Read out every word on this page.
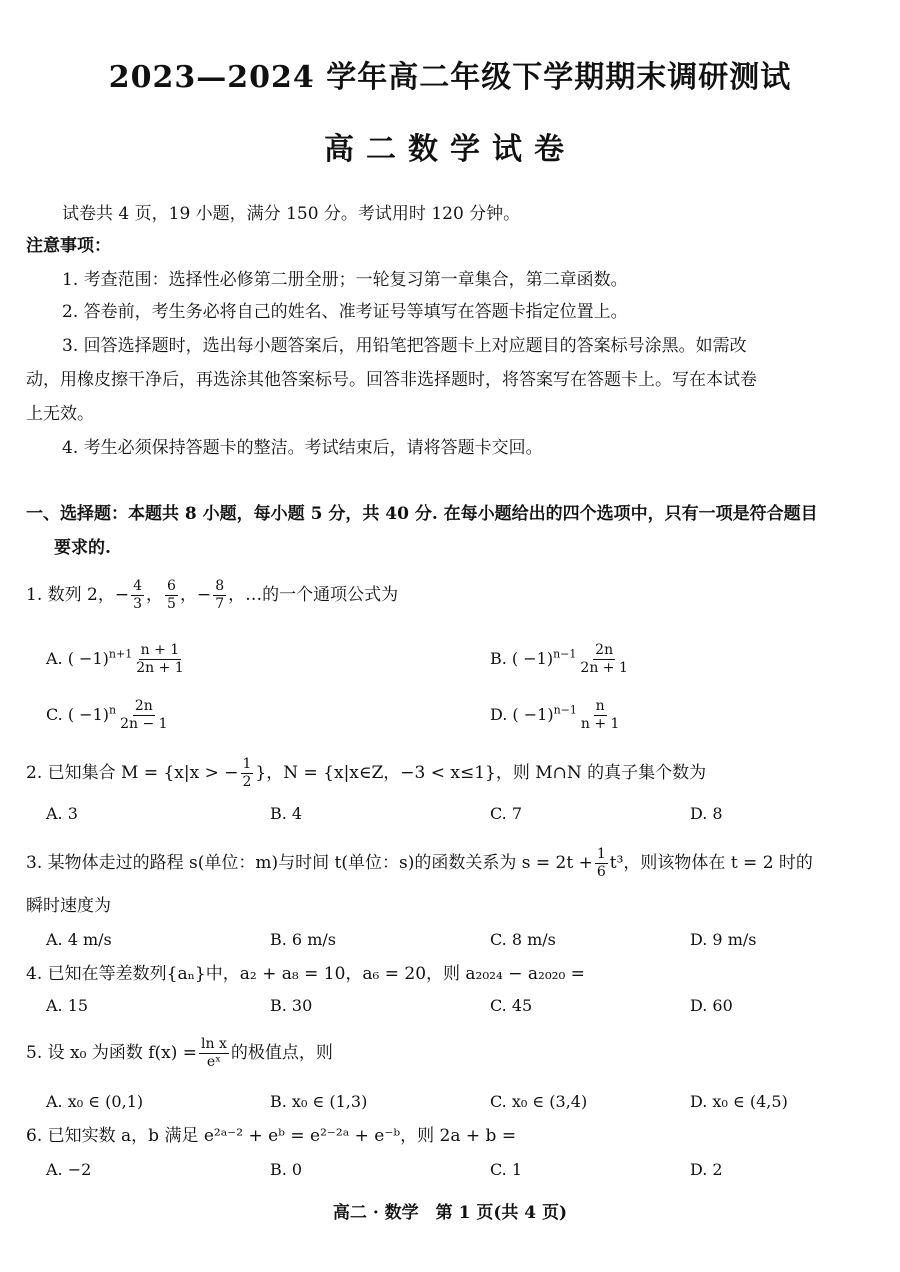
2023—2024 学年高二年级下学期期末调研测试
高二数学试卷
试卷共 4 页，19 小题，满分 150 分。考试用时 120 分钟。
注意事项：
1. 考查范围：选择性必修第二册全册；一轮复习第一章集合，第二章函数。
2. 答卷前，考生务必将自己的姓名、准考证号等填写在答题卡指定位置上。
3. 回答选择题时，选出每小题答案后，用铅笔把答题卡上对应题目的答案标号涂黑。如需改
动，用橡皮擦干净后，再选涂其他答案标号。回答非选择题时，将答案写在答题卡上。写在本试卷
上无效。
4. 考生必须保持答题卡的整洁。考试结束后，请将答题卡交回。
一、选择题：本题共 8 小题，每小题 5 分，共 40 分. 在每小题给出的四个选项中，只有一项是符合题目
要求的.
1. 数列 2，− $\frac{4}{3}$ ， $\frac{6}{5}$ ，− $\frac{8}{7}$ ，…的一个通项公式为
A. ( $-1)^{n+1} \frac{n + 1}{2n + 1}$	B. ( $-1)^{n-1} \frac{2n}{2n + 1}$
C. ( $-1)^n \frac{2n}{2n - 1}$	D. ( $-1)^{n-1} \frac{n}{n + 1}$
2. 已知集合 M = {x|x > − $\frac{1}{2}$ }，N = {x|x∈Z，−3 < x≤1}，则 M∩N 的真子集个数为
A. 3	B. 4	C. 7	D. 8
3. 某物体走过的路程 s(单位：m)与时间 t(单位：s)的函数关系为 $s = 2t + \frac{1}{6} t^3$，则该物体在 t = 2 时的
瞬时速度为
A. 4 m/s	B. 6 m/s	C. 8 m/s	D. 9 m/s
4. 已知在等差数列{aₙ}中，a₂ + a₈ = 10，a₆ = 20，则 a₂₀₂₄ − a₂₀₂₀ =
A. 15	B. 30	C. 45	D. 60
5. 设 x₀ 为函数 $f(x) = \frac{\text{ln x}}{\text{eˣ}}$ 的极值点，则
A. x₀ ∈ (0,1)	B. x₀ ∈ (1,3)	C. x₀ ∈ (3,4)	D. x₀ ∈ (4,5)
6. 已知实数 a，b 满足 e²ᵃ⁻² + eᵇ = e²⁻²ᵃ + e⁻ᵇ，则 2a + b =
A. −2	B. 0	C. 1	D. 2
高二 · 数学　第 1 页(共 4 页)
